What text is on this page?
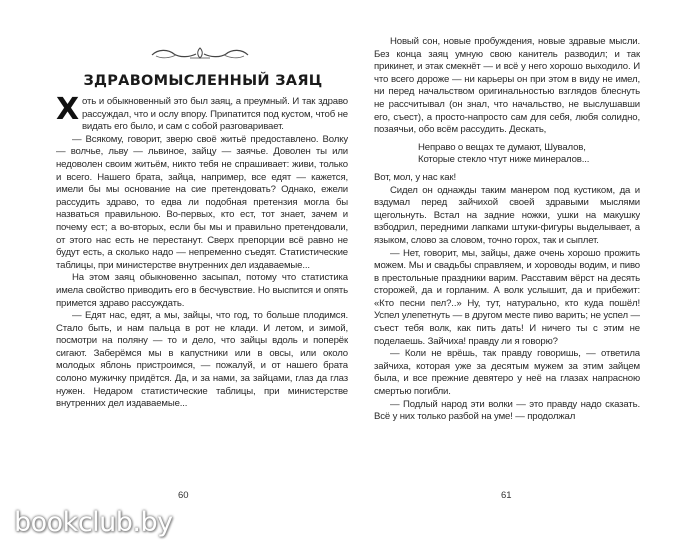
ЗДРАВОМЫСЛЕННЫЙ ЗАЯЦ

Хоть и обыкновенный это был заяц, а преумный. И так здраво рассуждал, что и ослу впору. Припатится под кустом, чтоб не видать его было, и сам с собой разговаривает.

— Всякому, говорит, зверю своё житьё предоставлено. Волку — волчье, льву — львиное, зайцу — заячье. Доволен ты или недоволен своим житьём, никто тебя не спрашивает: живи, только и всего. Нашего брата, зайца, например, все едят — кажется, имели бы мы основание на сие претендовать? Однако, ежели рассудить здраво, то едва ли подобная претензия могла бы назваться правильною. Во-первых, кто ест, тот знает, зачем и почему ест; а во-вторых, если бы мы и правильно претендовали, от этого нас есть не перестанут. Сверх препорции всё равно не будут есть, а сколько надо — непременно съедят. Статистические таблицы, при министерстве внутренних дел издаваемые...

На этом заяц обыкновенно засыпал, потому что статистика имела свойство приводить его в бесчувствие. Но выспится и опять примется здраво рассуждать.

— Едят нас, едят, а мы, зайцы, что год, то больше плодимся. Стало быть, и нам пальца в рот не клади. И летом, и зимой, посмотри на поляну — то и дело, что зайцы вдоль и поперёк сигают. Заберёмся мы в капустники или в овсы, или около молодых яблонь пристроимся, — пожалуй, и от нашего брата солоно мужичку придётся. Да, и за нами, за зайцами, глаз да глаз нужен. Недаром статистические таблицы, при министерстве внутренних дел издаваемые...

60

Новый сон, новые пробуждения, новые здравые мысли. Без конца заяц умную свою канитель разводил; и так прикинет, и этак смекнёт — и всё у него хорошо выходило. И что всего дороже — ни карьеры он при этом в виду не имел, ни перед начальством оригинальностью взглядов блеснуть не рассчитывал (он знал, что начальство, не выслушавши его, съест), а просто-напросто сам для себя, любя солидно, позаячьи, обо всём рассудить. Дескать,

Неправо о вещах те думают, Шувалов,
Которые стекло чтут ниже минералов...

Вот, мол, у нас как!

Сидел он однажды таким манером под кустиком, да и вздумал перед зайчихой своей здравыми мыслями щегольнуть. Встал на задние ножки, ушки на макушку взбодрил, передними лапками штуки-фигуры выделывает, а языком, слово за словом, точно горох, так и сыплет.

— Нет, говорит, мы, зайцы, даже очень хорошо прожить можем. Мы и свадьбы справляем, и хороводы водим, и пиво в престольные праздники варим. Расставим вёрст на десять сторожей, да и горланим. А волк услышит, да и прибежит: «Кто песни пел?..» Ну, тут, натурально, кто куда пошёл! Успел улепетнуть — в другом месте пиво варить; не успел — съест тебя волк, как пить дать! И ничего ты с этим не поделаешь. Зайчиха! правду ли я говорю?

— Коли не врёшь, так правду говоришь, — ответила зайчиха, которая уже за десятым мужем за этим зайцем была, и все прежние девятеро у неё на глазах напрасною смертью погибли.

— Подлый народ эти волки — это правду надо сказать. Всё у них только разбой на уме! — продолжал

61
bookclub.by
